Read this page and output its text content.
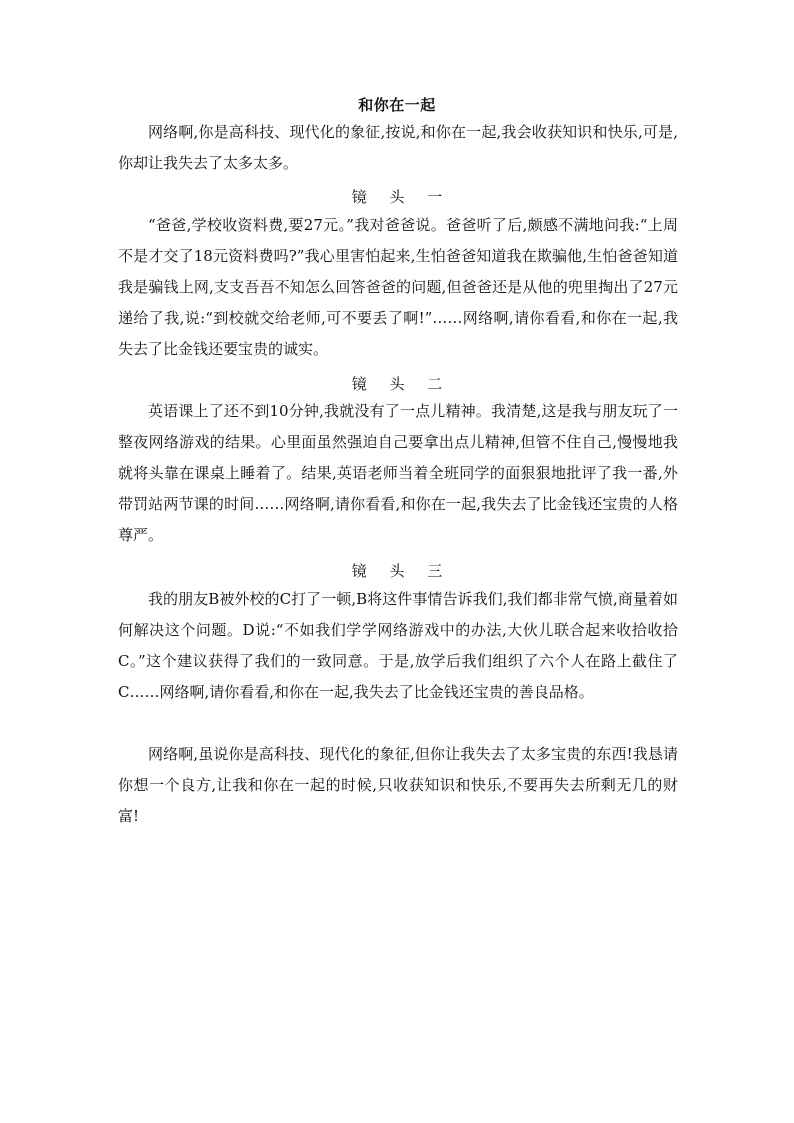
和你在一起

网络啊,你是高科技、现代化的象征,按说,和你在一起,我会收获知识和快乐,可是,你却让我失去了太多太多。

镜 头 一

“爸爸,学校收资料费,要27元。”我对爸爸说。爸爸听了后,颇感不满地问我:“上周不是才交了18元资料费吗?”我心里害怕起来,生怕爸爸知道我在欺骗他,生怕爸爸知道我是骗钱上网,支支吾吾不知怎么回答爸爸的问题,但爸爸还是从他的兜里掏出了27元递给了我,说:“到校就交给老师,可不要丢了啊!”……网络啊,请你看看,和你在一起,我失去了比金钱还要宝贵的诚实。

镜 头 二

英语课上了还不到10分钟,我就没有了一点儿精神。我清楚,这是我与朋友玩了一整夜网络游戏的结果。心里面虽然强迫自己要拿出点儿精神,但管不住自己,慢慢地我就将头靠在课桌上睡着了。结果,英语老师当着全班同学的面狠狠地批评了我一番,外带罚站两节课的时间……网络啊,请你看看,和你在一起,我失去了比金钱还宝贵的人格尊严。

镜 头 三

我的朋友B被外校的C打了一顿,B将这件事情告诉我们,我们都非常气愤,商量着如何解决这个问题。D说:“不如我们学学网络游戏中的办法,大伙儿联合起来收拾收拾C。”这个建议获得了我们的一致同意。于是,放学后我们组织了六个人在路上截住了C……网络啊,请你看看,和你在一起,我失去了比金钱还宝贵的善良品格。

网络啊,虽说你是高科技、现代化的象征,但你让我失去了太多宝贵的东西!我恳请你想一个良方,让我和你在一起的时候,只收获知识和快乐,不要再失去所剩无几的财富!
